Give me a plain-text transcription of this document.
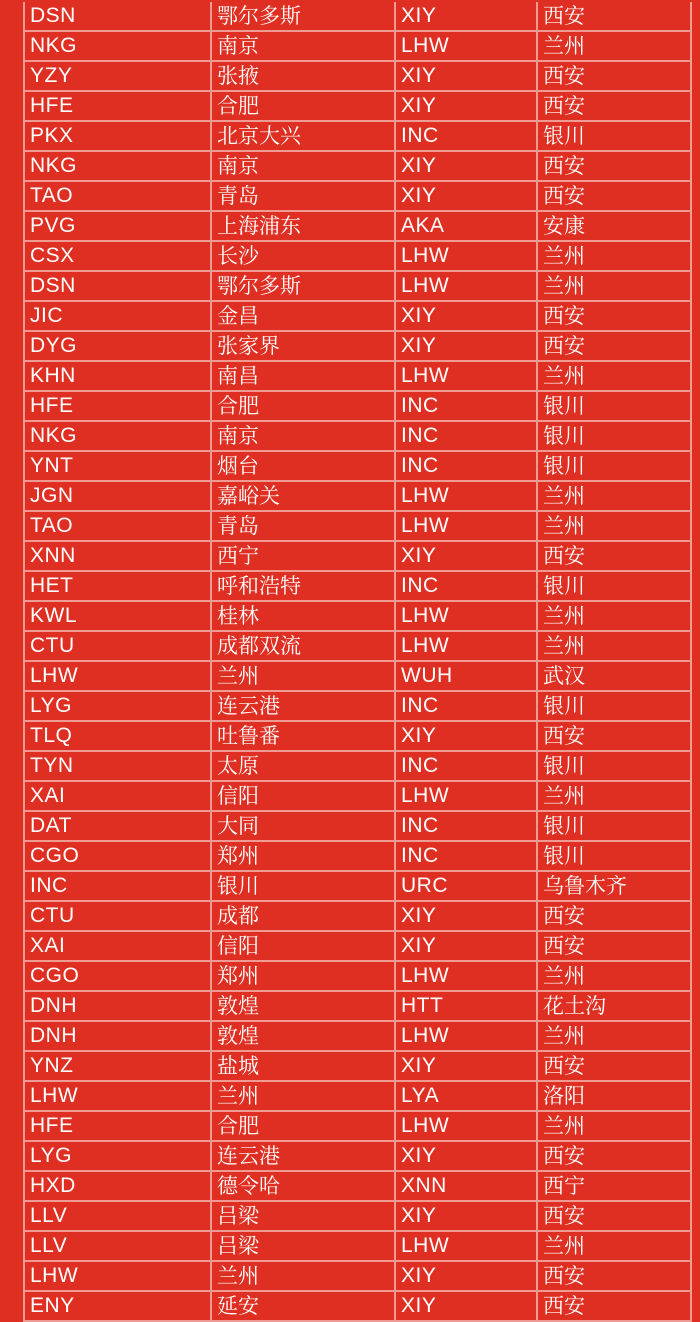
DSN	鄂尔多斯	XIY	西安
NKG	南京	LHW	兰州
YZY	张掖	XIY	西安
HFE	合肥	XIY	西安
PKX	北京大兴	INC	银川
NKG	南京	XIY	西安
TAO	青岛	XIY	西安
PVG	上海浦东	AKA	安康
CSX	长沙	LHW	兰州
DSN	鄂尔多斯	LHW	兰州
JIC	金昌	XIY	西安
DYG	张家界	XIY	西安
KHN	南昌	LHW	兰州
HFE	合肥	INC	银川
NKG	南京	INC	银川
YNT	烟台	INC	银川
JGN	嘉峪关	LHW	兰州
TAO	青岛	LHW	兰州
XNN	西宁	XIY	西安
HET	呼和浩特	INC	银川
KWL	桂林	LHW	兰州
CTU	成都双流	LHW	兰州
LHW	兰州	WUH	武汉
LYG	连云港	INC	银川
TLQ	吐鲁番	XIY	西安
TYN	太原	INC	银川
XAI	信阳	LHW	兰州
DAT	大同	INC	银川
CGO	郑州	INC	银川
INC	银川	URC	乌鲁木齐
CTU	成都	XIY	西安
XAI	信阳	XIY	西安
CGO	郑州	LHW	兰州
DNH	敦煌	HTT	花土沟
DNH	敦煌	LHW	兰州
YNZ	盐城	XIY	西安
LHW	兰州	LYA	洛阳
HFE	合肥	LHW	兰州
LYG	连云港	XIY	西安
HXD	德令哈	XNN	西宁
LLV	吕梁	XIY	西安
LLV	吕梁	LHW	兰州
LHW	兰州	XIY	西安
ENY	延安	XIY	西安
